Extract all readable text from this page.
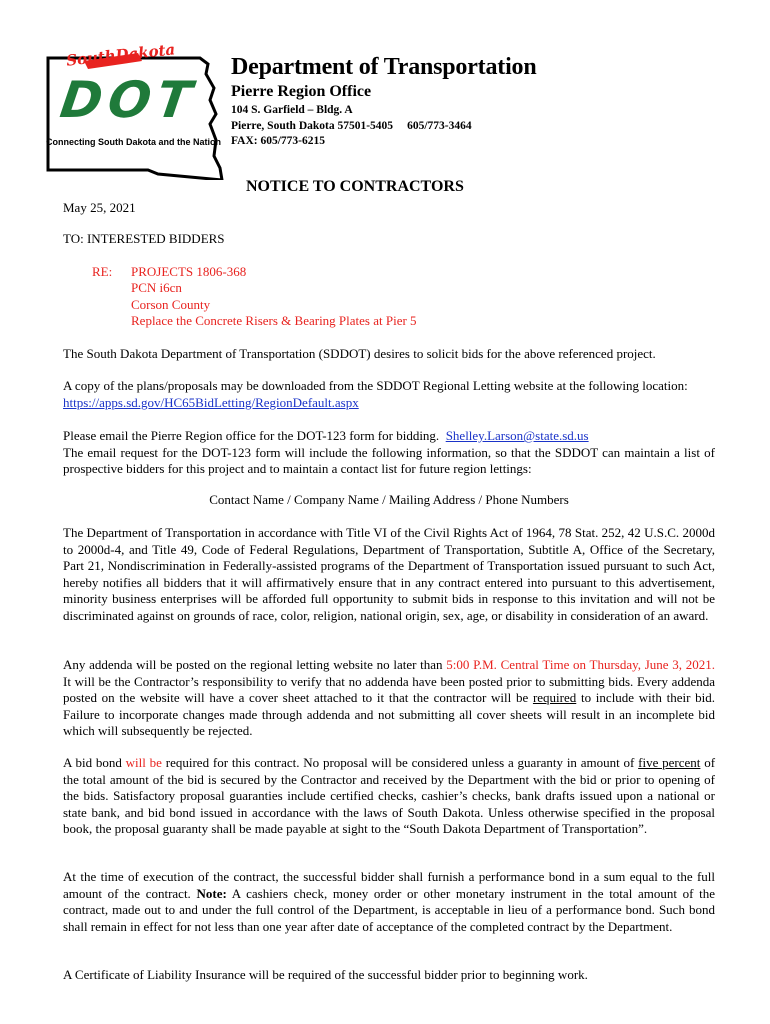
SouthDakota
DOT
Connecting South Dakota and the Nation
Department of Transportation
Pierre Region Office
104 S. Garfield – Bldg. A
Pierre, South Dakota 57501-5405 605/773-3464
FAX: 605/773-6215
NOTICE TO CONTRACTORS
May 25, 2021
TO: INTERESTED BIDDERS
RE: PROJECTS 1806-368
PCN i6cn
Corson County
Replace the Concrete Risers & Bearing Plates at Pier 5
The South Dakota Department of Transportation (SDDOT) desires to solicit bids for the above referenced project.
A copy of the plans/proposals may be downloaded from the SDDOT Regional Letting website at the following location:
https://apps.sd.gov/HC65BidLetting/RegionDefault.aspx
Please email the Pierre Region office for the DOT-123 form for bidding. Shelley.Larson@state.sd.us
The email request for the DOT-123 form will include the following information, so that the SDDOT can maintain a list of prospective bidders for this project and to maintain a contact list for future region lettings:
Contact Name / Company Name / Mailing Address / Phone Numbers
The Department of Transportation in accordance with Title VI of the Civil Rights Act of 1964, 78 Stat. 252, 42 U.S.C. 2000d to 2000d-4, and Title 49, Code of Federal Regulations, Department of Transportation, Subtitle A, Office of the Secretary, Part 21, Nondiscrimination in Federally-assisted programs of the Department of Transportation issued pursuant to such Act, hereby notifies all bidders that it will affirmatively ensure that in any contract entered into pursuant to this advertisement, minority business enterprises will be afforded full opportunity to submit bids in response to this invitation and will not be discriminated against on grounds of race, color, religion, national origin, sex, age, or disability in consideration of an award.
Any addenda will be posted on the regional letting website no later than 5:00 P.M. Central Time on Thursday, June 3, 2021. It will be the Contractor’s responsibility to verify that no addenda have been posted prior to submitting bids. Every addenda posted on the website will have a cover sheet attached to it that the contractor will be required to include with their bid. Failure to incorporate changes made through addenda and not submitting all cover sheets will result in an incomplete bid which will subsequently be rejected.
A bid bond will be required for this contract. No proposal will be considered unless a guaranty in amount of five percent of the total amount of the bid is secured by the Contractor and received by the Department with the bid or prior to opening of the bids. Satisfactory proposal guaranties include certified checks, cashier’s checks, bank drafts issued upon a national or state bank, and bid bond issued in accordance with the laws of South Dakota. Unless otherwise specified in the proposal book, the proposal guaranty shall be made payable at sight to the “South Dakota Department of Transportation”.
At the time of execution of the contract, the successful bidder shall furnish a performance bond in a sum equal to the full amount of the contract. Note: A cashiers check, money order or other monetary instrument in the total amount of the contract, made out to and under the full control of the Department, is acceptable in lieu of a performance bond. Such bond shall remain in effect for not less than one year after date of acceptance of the completed contract by the Department.
A Certificate of Liability Insurance will be required of the successful bidder prior to beginning work.
